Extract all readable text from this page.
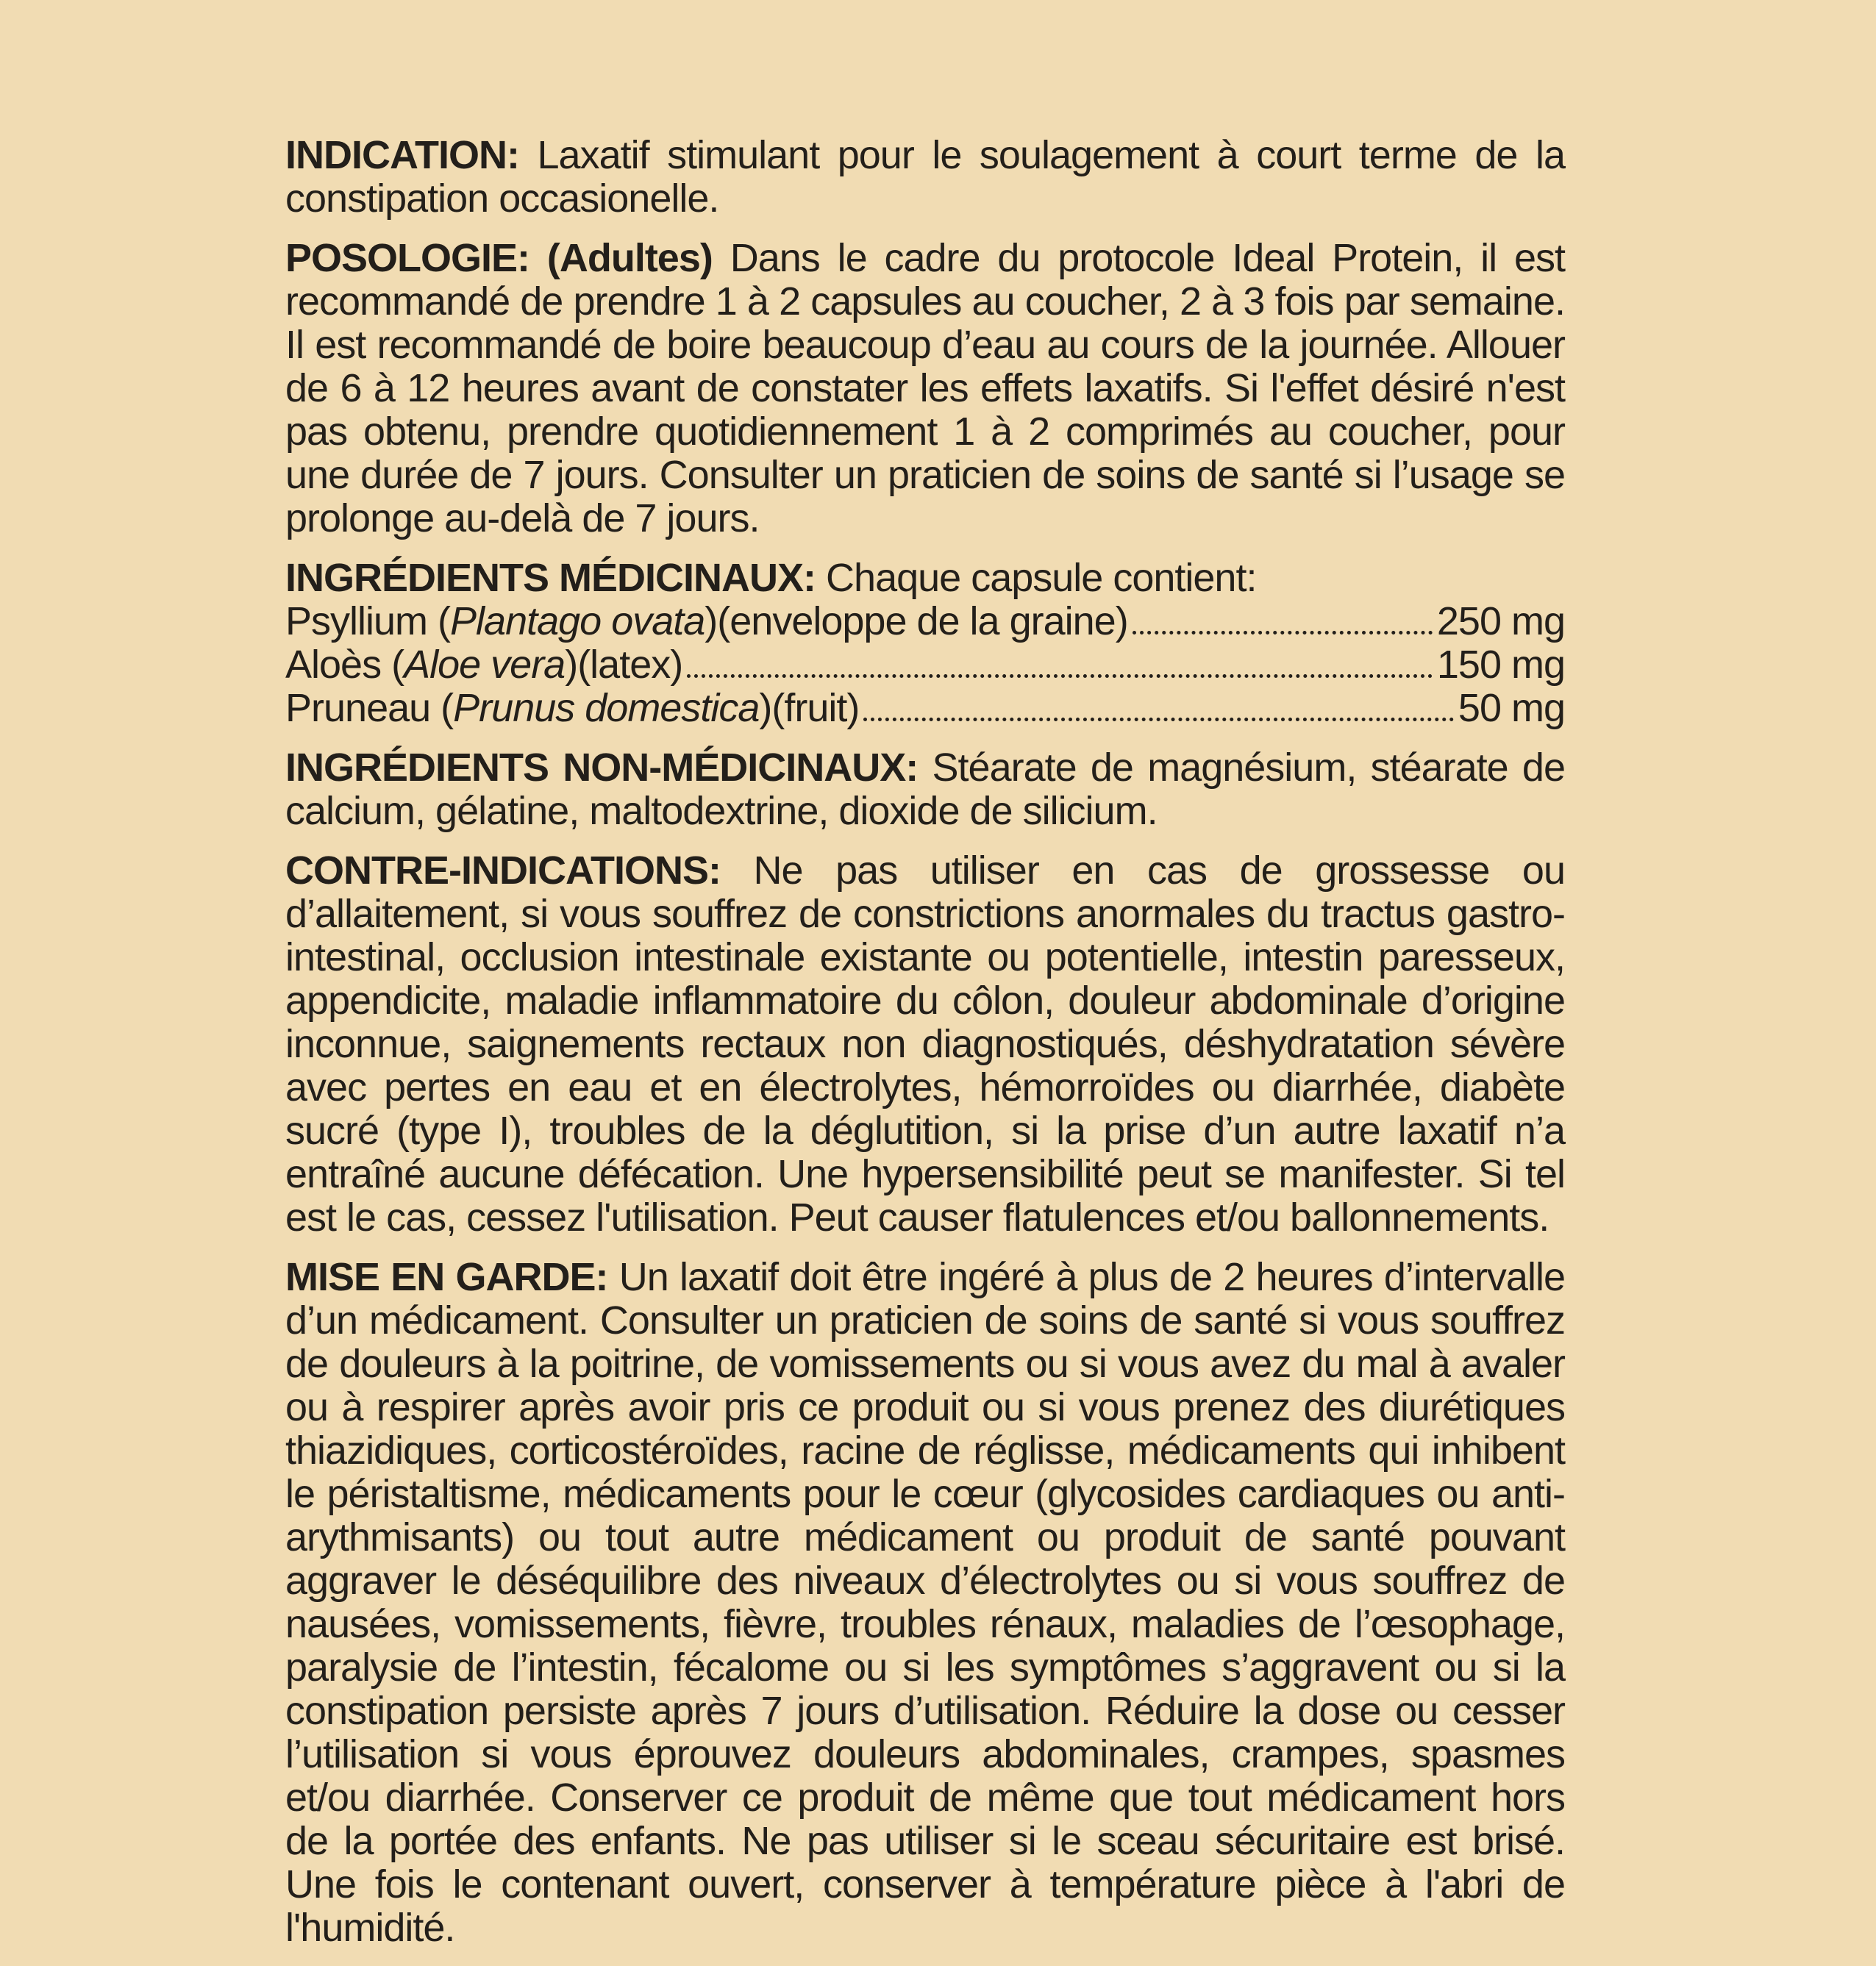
INDICATION: Laxatif stimulant pour le soulagement à court terme de la constipation occasionelle.

POSOLOGIE: (Adultes) Dans le cadre du protocole Ideal Protein, il est recommandé de prendre 1 à 2 capsules au coucher, 2 à 3 fois par semaine. Il est recommandé de boire beaucoup d’eau au cours de la journée. Allouer de 6 à 12 heures avant de constater les effets laxatifs. Si l'effet désiré n'est pas obtenu, prendre quotidiennement 1 à 2 comprimés au coucher, pour une durée de 7 jours. Consulter un praticien de soins de santé si l’usage se prolonge au-delà de 7 jours.

INGRÉDIENTS MÉDICINAUX: Chaque capsule contient:
Psyllium (Plantago ovata)(enveloppe de la graine)	250 mg
Aloès (Aloe vera)(latex)	150 mg
Pruneau (Prunus domestica)(fruit)	50 mg

INGRÉDIENTS NON-MÉDICINAUX: Stéarate de magnésium, stéarate de calcium, gélatine, maltodextrine, dioxide de silicium.

CONTRE-INDICATIONS: Ne pas utiliser en cas de grossesse ou d’allaitement, si vous souffrez de constrictions anormales du tractus gastro-intestinal, occlusion intestinale existante ou potentielle, intestin paresseux, appendicite, maladie inflammatoire du côlon, douleur abdominale d’origine inconnue, saignements rectaux non diagnostiqués, déshydratation sévère avec pertes en eau et en électrolytes, hémorroïdes ou diarrhée, diabète sucré (type I), troubles de la déglutition, si la prise d’un autre laxatif n’a entraîné aucune défécation. Une hypersensibilité peut se manifester. Si tel est le cas, cessez l'utilisation. Peut causer flatulences et/ou ballonnements.

MISE EN GARDE: Un laxatif doit être ingéré à plus de 2 heures d’intervalle d’un médicament. Consulter un praticien de soins de santé si vous souffrez de douleurs à la poitrine, de vomissements ou si vous avez du mal à avaler ou à respirer après avoir pris ce produit ou si vous prenez des diurétiques thiazidiques, corticostéroïdes, racine de réglisse, médicaments qui inhibent le péristaltisme, médicaments pour le cœur (glycosides cardiaques ou anti-arythmisants) ou tout autre médicament ou produit de santé pouvant aggraver le déséquilibre des niveaux d’électrolytes ou si vous souffrez de nausées, vomissements, fièvre, troubles rénaux, maladies de l’œsophage, paralysie de l’intestin, fécalome ou si les symptômes s’aggravent ou si la constipation persiste après 7 jours d’utilisation. Réduire la dose ou cesser l’utilisation si vous éprouvez douleurs abdominales, crampes, spasmes et/ou diarrhée. Conserver ce produit de même que tout médicament hors de la portée des enfants. Ne pas utiliser si le sceau sécuritaire est brisé. Une fois le contenant ouvert, conserver à température pièce à l'abri de l'humidité.
